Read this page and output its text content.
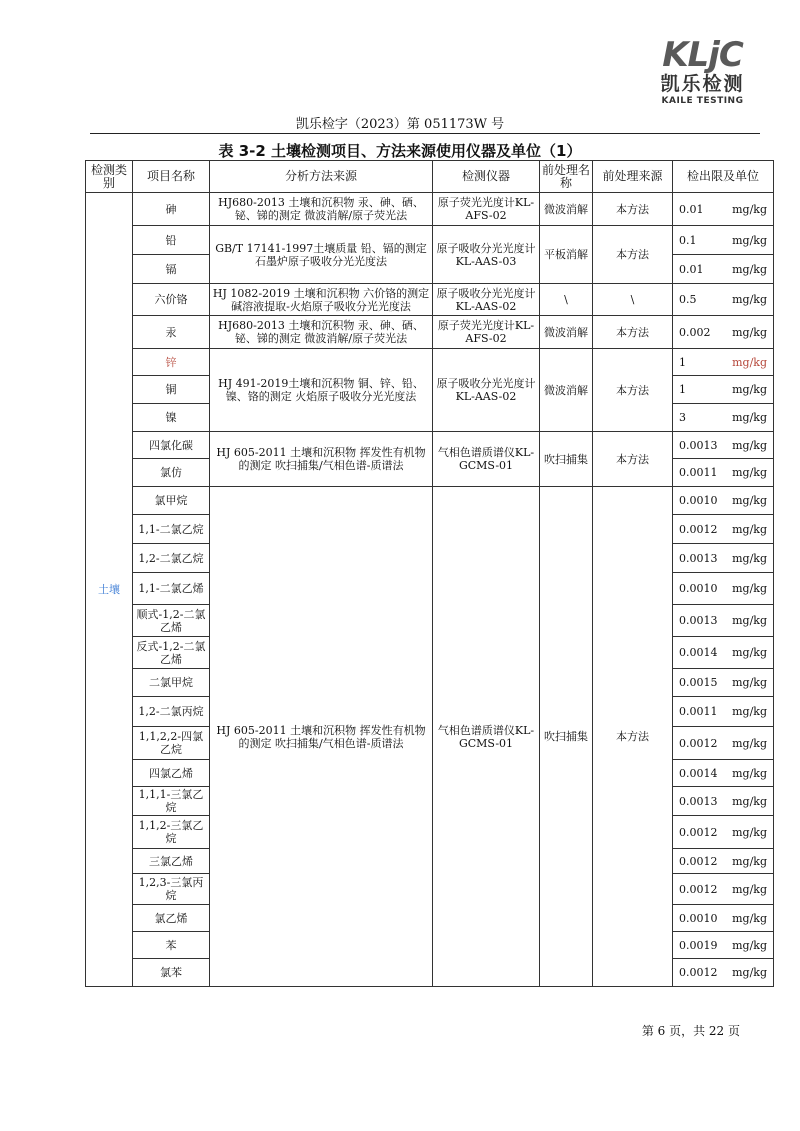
KLjC
凯乐检测
KAILE TESTING
凯乐检字（2023）第 051173W 号
表 3-2 土壤检测项目、方法来源使用仪器及单位（1）
检测类别	项目名称	分析方法来源	检测仪器	前处理名称	前处理来源	检出限及单位
土壤	砷	HJ680-2013 土壤和沉积物 汞、砷、硒、铋、锑的测定 微波消解/原子荧光法	原子荧光光度计KL-AFS-02	微波消解	本方法	0.01 mg/kg

	铅	GB/T 17141-1997土壤质量 铅、镉的测定 石墨炉原子吸收分光光度法	原子吸收分光光度计KL-AAS-03	平板消解	本方法	0.1 mg/kg

	镉					0.01 mg/kg

	六价铬	HJ 1082-2019 土壤和沉积物 六价铬的测定 碱溶液提取-火焰原子吸收分光光度法	原子吸收分光光度计KL-AAS-02	\	\	0.5 mg/kg

	汞	HJ680-2013 土壤和沉积物 汞、砷、硒、铋、锑的测定 微波消解/原子荧光法	原子荧光光度计KL-AFS-02	微波消解	本方法	0.002 mg/kg

	锌	HJ 491-2019土壤和沉积物 铜、锌、铅、镍、铬的测定 火焰原子吸收分光光度法	原子吸收分光光度计KL-AAS-02	微波消解	本方法	1 mg/kg

	铜					1 mg/kg

	镍					3 mg/kg

	四氯化碳	HJ 605-2011 土壤和沉积物 挥发性有机物的测定 吹扫捕集/气相色谱-质谱法	气相色谱质谱仪KL-GCMS-01	吹扫捕集	本方法	0.0013 mg/kg

	氯仿					0.0011 mg/kg

	氯甲烷	HJ 605-2011 土壤和沉积物 挥发性有机物的测定 吹扫捕集/气相色谱-质谱法	气相色谱质谱仪KL-GCMS-01	吹扫捕集	本方法	0.0010 mg/kg

	1,1-二氯乙烷					0.0012 mg/kg

	1,2-二氯乙烷					0.0013 mg/kg

	1,1-二氯乙烯					0.0010 mg/kg

	顺式-1,2-二氯乙烯					0.0013 mg/kg

	反式-1,2-二氯乙烯					0.0014 mg/kg

	二氯甲烷					0.0015 mg/kg

	1,2-二氯丙烷					0.0011 mg/kg

	1,1,2,2-四氯乙烷					0.0012 mg/kg

	四氯乙烯					0.0014 mg/kg

	1,1,1-三氯乙烷					0.0013 mg/kg

	1,1,2-三氯乙烷					0.0012 mg/kg

	三氯乙烯					0.0012 mg/kg

	1,2,3-三氯丙烷					0.0012 mg/kg

	氯乙烯					0.0010 mg/kg

	苯					0.0019 mg/kg

	氯苯					0.0012 mg/kg
第 6 页，共 22 页
